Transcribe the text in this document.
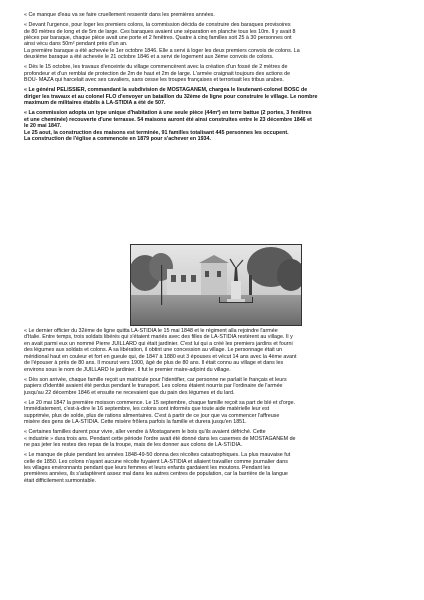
« Ce manque d'eau va se faire cruellement ressentir dans les premières années.

« Devant l'urgence, pour loger les premiers colons, la commission décida de construire des baraques provisoires
de 80 mètres de long et de 5m de large. Ces baraques avaient une séparation en planche tous les 10m. Il y avait 8
pièces par baraque, chaque pièce avait une porte et 2 fenêtres. Quatre à cinq familles soit 25 à 30 personnes ont
ainsi vécu dans 50m² pendant près d'un an.
La première baraque a été achevée le 1er octobre 1846. Elle a servi à loger les deux premiers convois de colons. La
deuxième baraque a été achevée le 21 octobre 1846 et a servi de logement aux 3ème convois de colons.

« Dès le 15 octobre, les travaux d'enceinte du village commencèrent avec la création d'un fossé de 2 mètres de
profondeur et d'un remblai de protection de 2m de haut et 2m de large. L'armée craignait toujours des actions de
BOU- MAZA qui harcelait avec ses cavaliers, sans cesse les troupes françaises et terrorisait les tribus arabes.

« Le général PELISSIER, commandant la subdivision de MOSTAGANEM, chargea le lieutenant-colonel BOSC de
diriger les travaux et au colonel FLO d'envoyer un bataillon du 32ème de ligne pour construire le village. Le nombre
maximum de militaires établis à LA-STIDIA a été de 507.

« La commission adopta un type unique d'habitation à une seule pièce (44m²) en terre battue (2 portes, 3 fenêtres
et une cheminée) recouverte d'une terrasse. 54 maisons auront été ainsi construites entre le 23 décembre 1846 et
le 20 mai 1847.
Le 25 aout, la construction des maisons est terminée, 91 familles totalisant 445 personnes les occupent.
La construction de l'église a commencée en 1879 pour s'achever en 1934.

« Le dernier officier du 32ème de ligne quitta LA-STIDIA le 15 mai 1848 et le régiment alla rejoindre l'armée
d'Italie. Entre temps, trois soldats libérés qui s'étaient mariés avec des filles de LA-STIDIA restèrent au village. Il y
en avait parmi eux un nommé Pierre JUILLARD qui était jardinier. C'est lui qui a créé les premiers jardins et fourni
des légumes aux soldats et colons. A sa libération, il obtint une concession au village. Le personnage était un
méridional haut en couleur et fort en gueule qui, de 1847 à 1880 eut 3 épouses et vécut 14 ans avec la 4ème avant
de l'épouser à près de 80 ans. Il mourut vers 1900, âgé de plus de 80 ans. Il était connu au village et dans les
environs sous le nom de JUILLARD le jardinier. Il fut le premier maire-adjoint du village.

« Dès son arrivée, chaque famille reçoit un matricule pour l'identifier, car personne ne parlait le français et leurs
papiers d'identité avaient été perdus pendant le transport. Les colons étaient nourris par l'ordinaire de l'armée
jusqu'au 22 décembre 1846 et ensuite ne recevaient que du pain des légumes et du lard.

« Le 20 mai 1847 la première moisson commence. Le 15 septembre, chaque famille reçoit sa part de blé et d'orge.
Immédiatement, c'est-à-dire le 16 septembre, les colons sont informés que toute aide matérielle leur est
supprimée, plus de solde, plus de rations alimentaires. C'est à partir de ce jour que va commencer l'affreuse
misère des gens de LA-STIDIA. Cette misère frôlera parfois la famille et durera jusqu'en 1851.

« Certaines familles durent pour vivre, aller vendre à Mostaganem le bois qu'ils avaient défriché. Cette
« industrie » dura trois ans. Pendant cette période l'ordre avait été donné dans les casernes de MOSTAGANEM de
ne pas jeter les restes des repas de la troupe, mais de les donner aux colons de LA-STIDIA.

« Le manque de pluie pendant les années 1848-49-50 donna des récoltes catastrophiques. La plus mauvaise fut
celle de 1850. Les colons n'ayant aucune récolte fuyaient LA-STIDIA et allaient travailler comme journalier dans
les villages environnants pendant que leurs femmes et leurs enfants gardaient les moutons. Pendant les
premières années, ils s'adaptèrent assez mal dans les autres centres de population, car la barrière de la langue
était difficilement surmontable.
